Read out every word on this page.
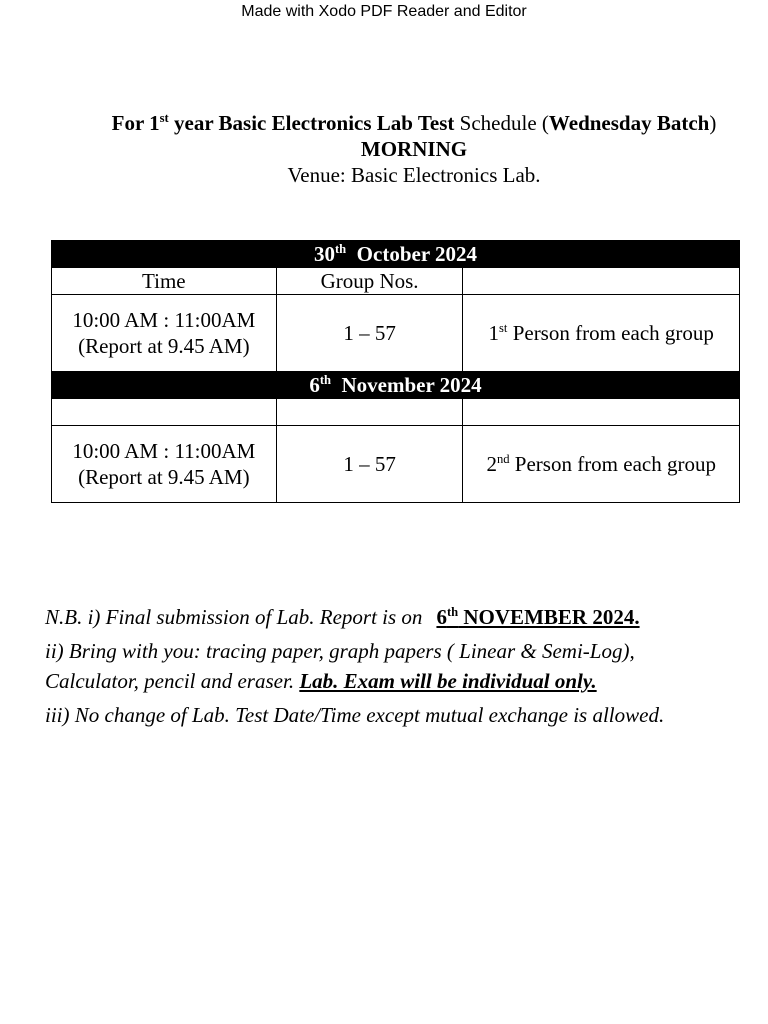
Made with Xodo PDF Reader and Editor
For 1st year Basic Electronics Lab Test Schedule (Wednesday Batch)
MORNING
Venue: Basic Electronics Lab.
30th  October 2024		
Time	Group Nos.	

10:00 AM : 11:00AM
(Report at 9.45 AM)	1 – 57	1st Person from each group
6th  November 2024		

10:00 AM : 11:00AM
(Report at 9.45 AM)	1 – 57	2nd Person from each group

N.B. i) Final submission of Lab. Report is on 6th NOVEMBER 2024.

ii) Bring with you: tracing paper, graph papers ( Linear & Semi-Log),
Calculator, pencil and eraser. Lab. Exam will be individual only.

iii) No change of Lab. Test Date/Time except mutual exchange is allowed.
